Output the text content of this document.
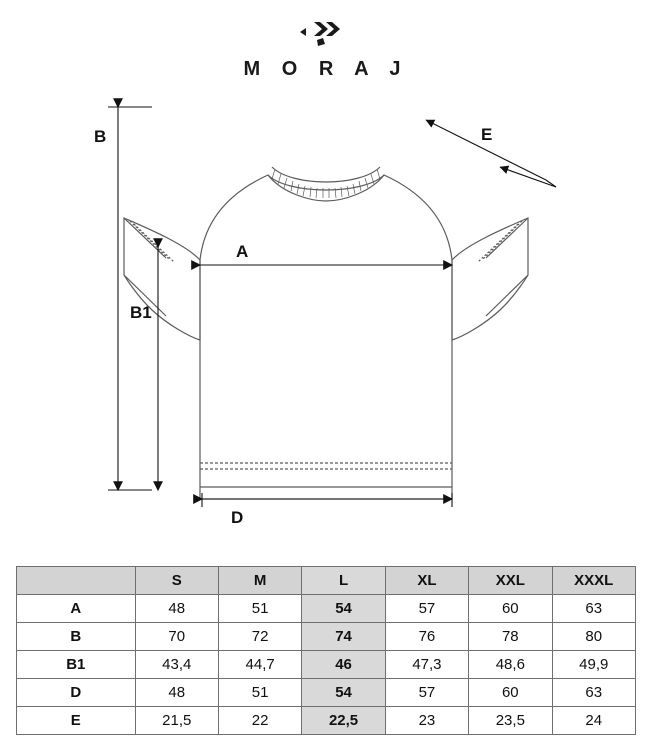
M O R A J
B
B1
A
D
E
	S	M	L	XL	XXL	XXXL
A	48	51	54	57	60	63
B	70	72	74	76	78	80
B1	43,4	44,7	46	47,3	48,6	49,9
D	48	51	54	57	60	63
E	21,5	22	22,5	23	23,5	24
